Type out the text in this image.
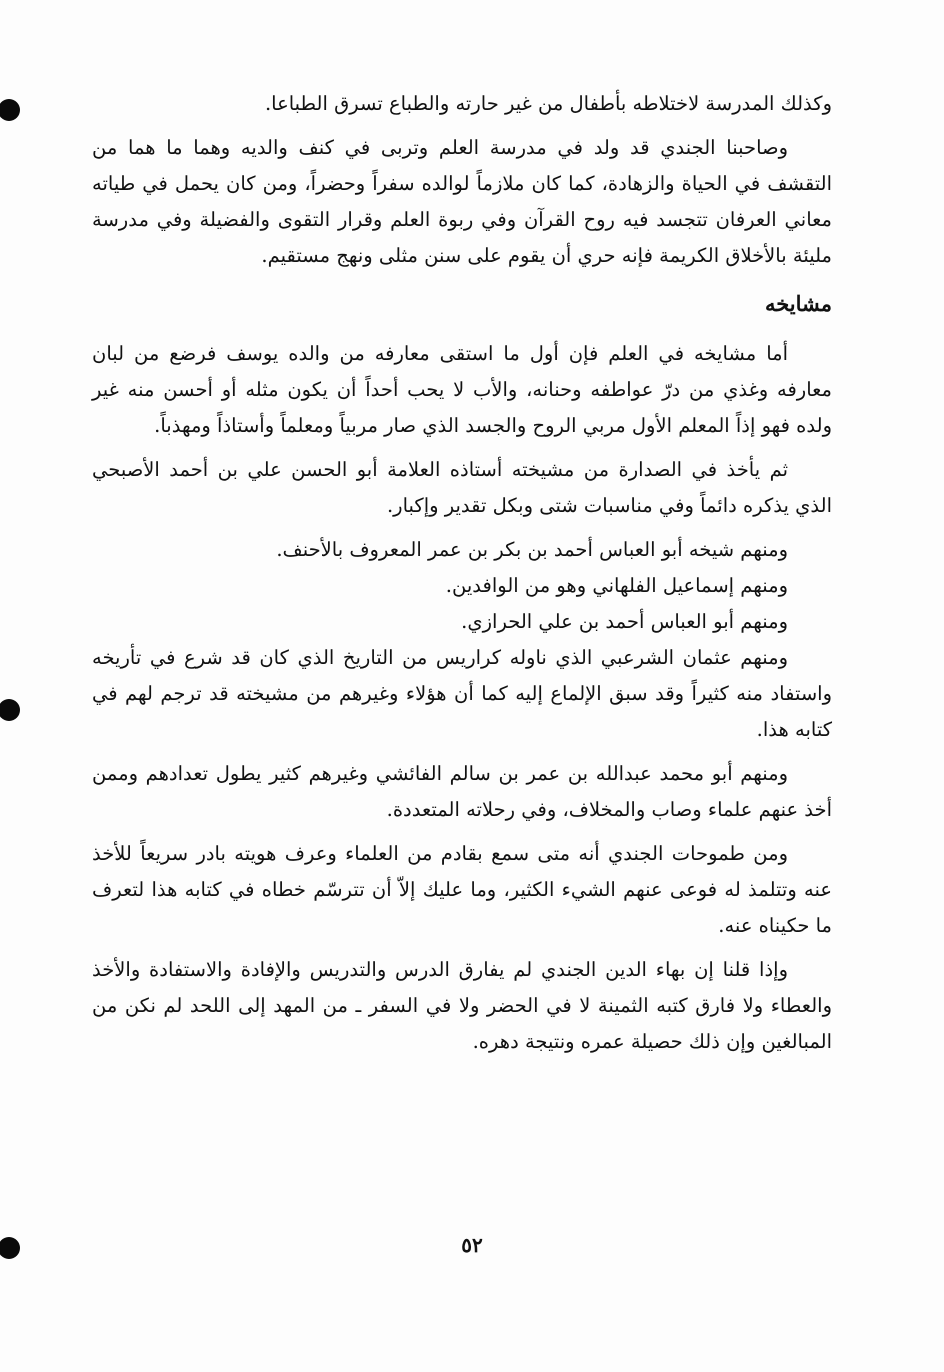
وكذلك المدرسة لاختلاطه بأطفال من غير حارته والطباع تسرق الطباعا.

وصاحبنا الجندي قد ولد في مدرسة العلم وتربى في كنف والديه وهما ما هما من التقشف في الحياة والزهادة، كما كان ملازماً لوالده سفراً وحضراً، ومن كان يحمل في طياته معاني العرفان تتجسد فيه روح القرآن وفي ربوة العلم وقرار التقوى والفضيلة وفي مدرسة مليئة بالأخلاق الكريمة فإنه حري أن يقوم على سنن مثلى ونهج مستقيم.

مشايخه

أما مشايخه في العلم فإن أول ما استقى معارفه من والده يوسف فرضع من لبان معارفه وغذي من درّ عواطفه وحنانه، والأب لا يحب أحداً أن يكون مثله أو أحسن منه غير ولده فهو إذاً المعلم الأول مربي الروح والجسد الذي صار مربياً ومعلماً وأستاذاً ومهذباً.

ثم يأخذ في الصدارة من مشيخته أستاذه العلامة أبو الحسن علي بن أحمد الأصبحي الذي يذكره دائماً وفي مناسبات شتى وبكل تقدير وإكبار.

ومنهم شيخه أبو العباس أحمد بن بكر بن عمر المعروف بالأحنف.

ومنهم إسماعيل الفلهاني وهو من الوافدين.

ومنهم أبو العباس أحمد بن علي الحرازي.

ومنهم عثمان الشرعبي الذي ناوله كراريس من التاريخ الذي كان قد شرع في تأريخه واستفاد منه كثيراً وقد سبق الإلماع إليه كما أن هؤلاء وغيرهم من مشيخته قد ترجم لهم في كتابه هذا.

ومنهم أبو محمد عبدالله بن عمر بن سالم الفائشي وغيرهم كثير يطول تعدادهم وممن أخذ عنهم علماء وصاب والمخلاف، وفي رحلاته المتعددة.

ومن طموحات الجندي أنه متى سمع بقادم من العلماء وعرف هويته بادر سريعاً للأخذ عنه وتتلمذ له فوعى عنهم الشيء الكثير، وما عليك إلاّ أن تترسّم خطاه في كتابه هذا لتعرف ما حكيناه عنه.

وإذا قلنا إن بهاء الدين الجندي لم يفارق الدرس والتدريس والإفادة والاستفادة والأخذ والعطاء ولا فارق كتبه الثمينة لا في الحضر ولا في السفر ـ من المهد إلى اللحد لم نكن من المبالغين وإن ذلك حصيلة عمره ونتيجة دهره.

٥٢
